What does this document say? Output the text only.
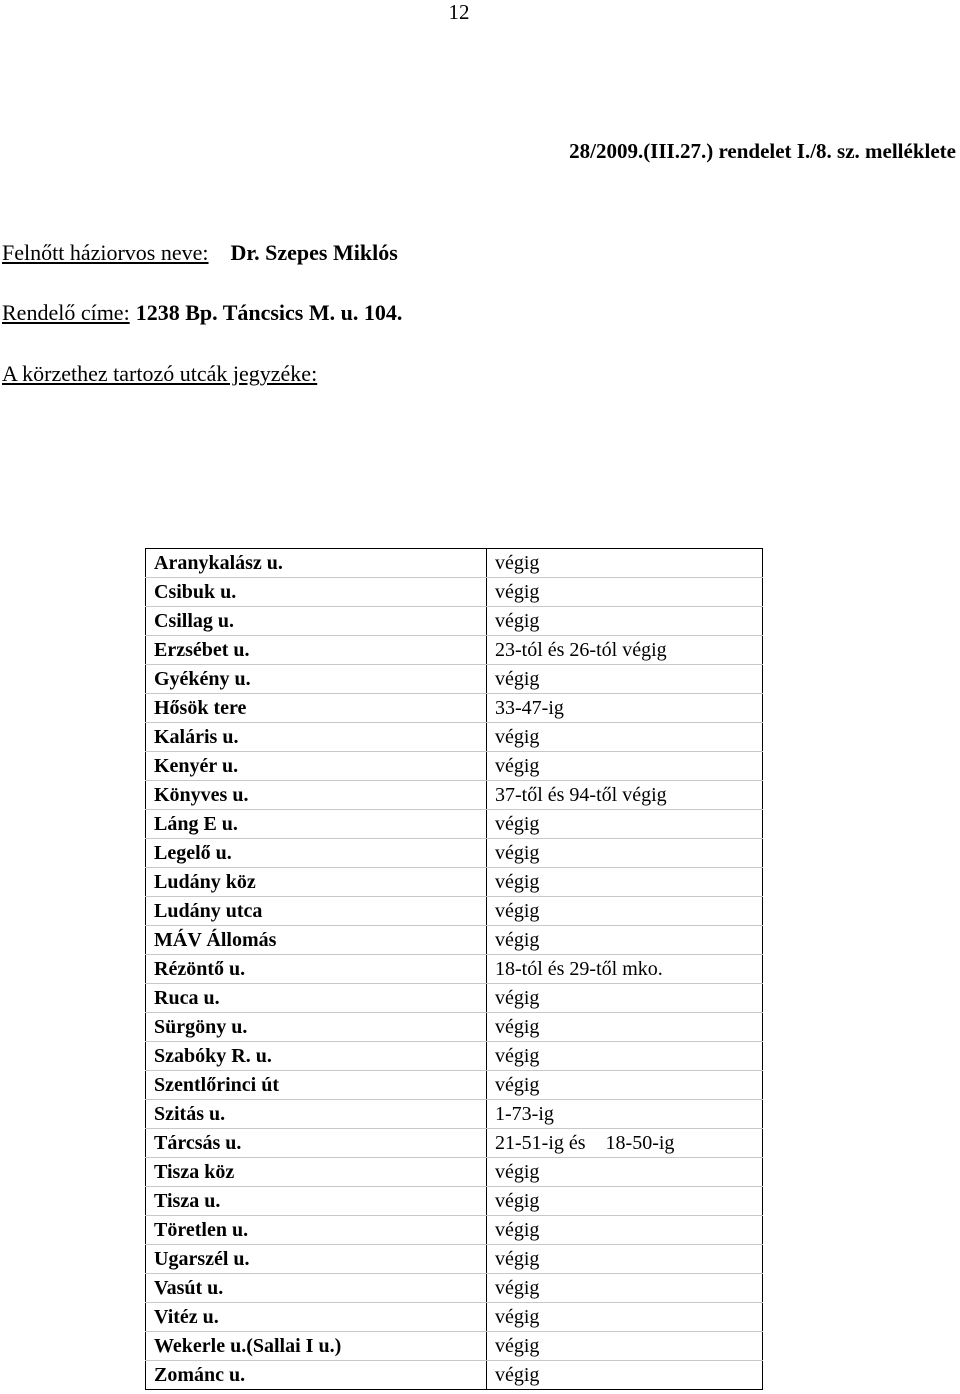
12
28/2009.(III.27.) rendelet I./8. sz. melléklete
Felnőtt háziorvos neve: Dr. Szepes Miklós
Rendelő címe: 1238 Bp. Táncsics M. u. 104.
A körzethez tartozó utcák jegyzéke:
Aranykalász u.	végig
Csibuk u.	végig
Csillag u.	végig
Erzsébet u.	23-tól és 26-tól végig
Gyékény u.	végig
Hősök tere	33-47-ig
Kaláris u.	végig
Kenyér u.	végig
Könyves u.	37-től és 94-től végig
Láng E u.	végig
Legelő u.	végig
Ludány köz	végig
Ludány utca	végig
MÁV Állomás	végig
Rézöntő u.	18-tól és 29-től mko.
Ruca u.	végig
Sürgöny u.	végig
Szabóky R. u.	végig
Szentlőrinci út	végig
Szitás u.	1-73-ig
Tárcsás u.	21-51-ig és    18-50-ig
Tisza köz	végig
Tisza u.	végig
Töretlen u.	végig
Ugarszél u.	végig
Vasút u.	végig
Vitéz u.	végig
Wekerle u.(Sallai I u.)	végig
Zománc u.	végig
